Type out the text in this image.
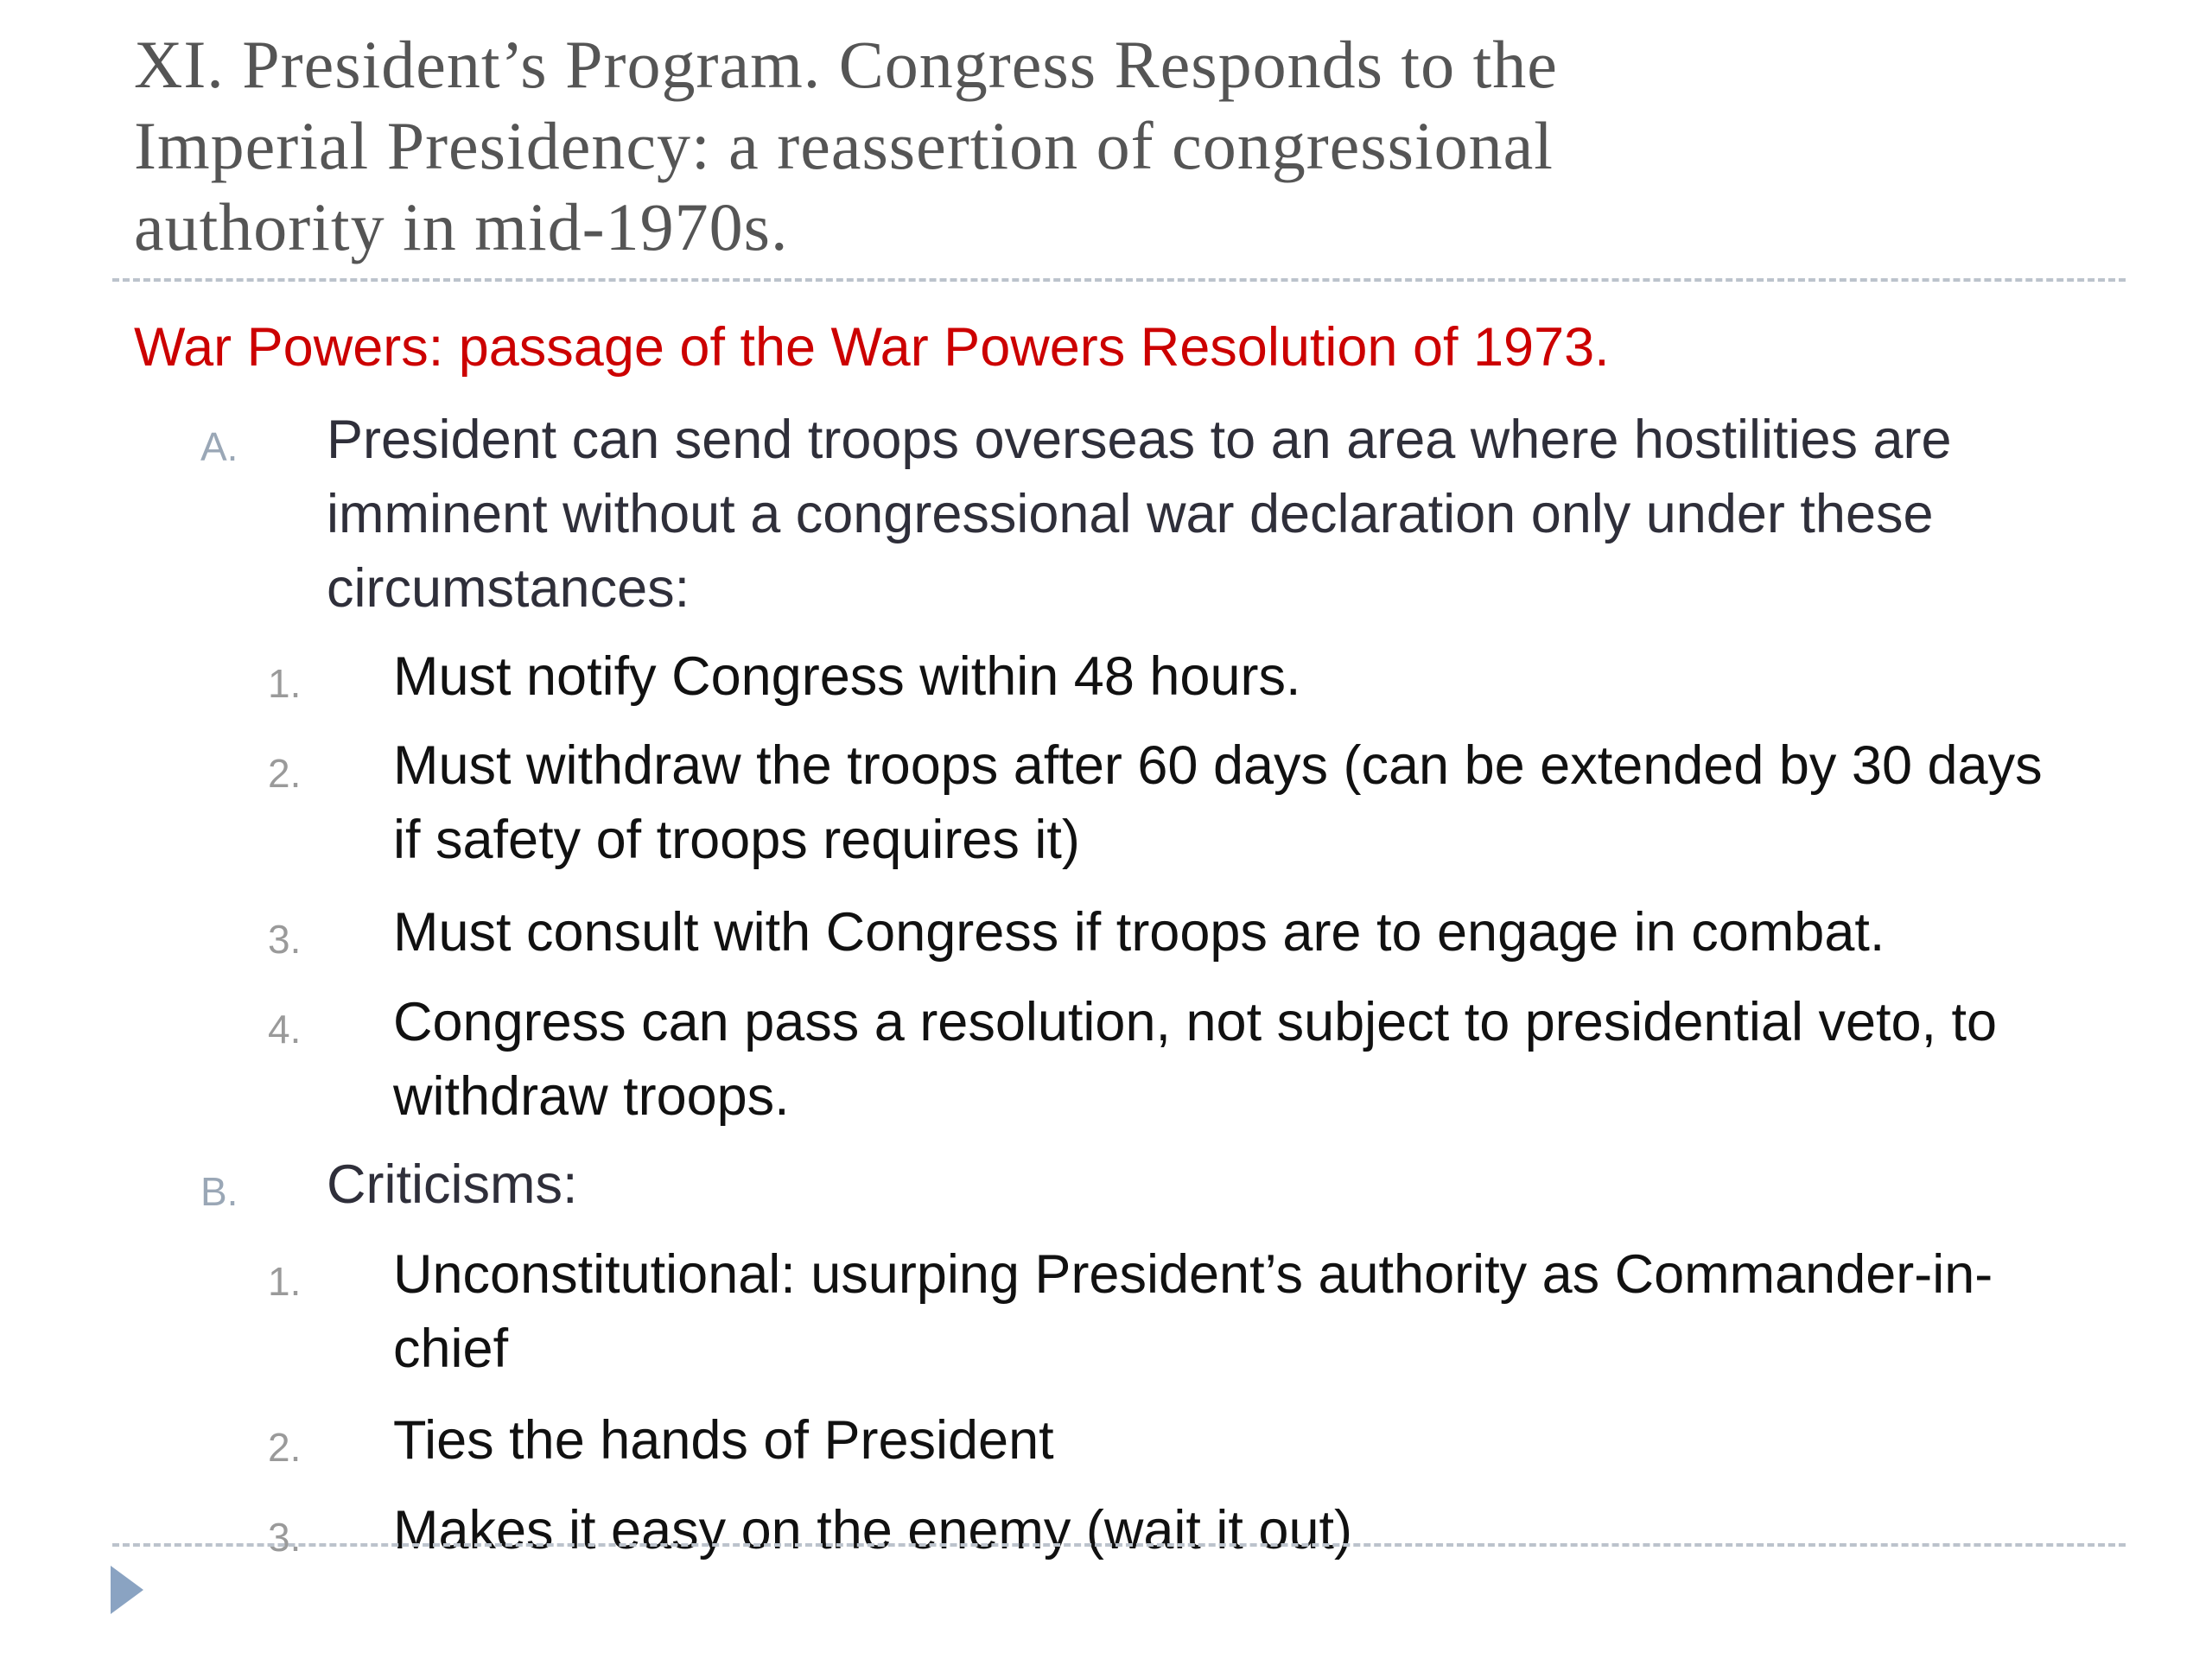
XI. President’s Program. Congress Responds to the
Imperial Presidency: a reassertion of congressional
authority in mid-1970s.
War Powers: passage of the War Powers Resolution of 1973.
A. President can send troops overseas to an area where hostilities are imminent without a congressional war declaration only under these circumstances:
1. Must notify Congress within 48 hours.
2. Must withdraw the troops after 60 days (can be extended by 30 days if safety of troops requires it)
3. Must consult with Congress if troops are to engage in combat.
4. Congress can pass a resolution, not subject to presidential veto, to withdraw troops.
B. Criticisms:
1. Unconstitutional: usurping President’s authority as Commander-in-chief
2. Ties the hands of President
3. Makes it easy on the enemy (wait it out)
